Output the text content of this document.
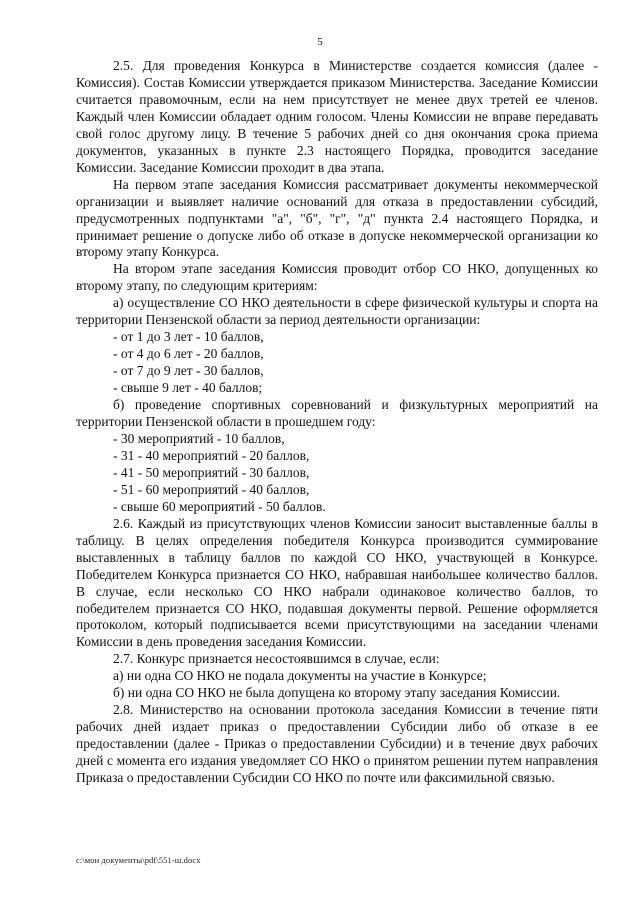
5

2.5. Для проведения Конкурса в Министерстве создается комиссия (далее - Комиссия). Состав Комиссии утверждается приказом Министерства. Заседание Комиссии считается правомочным, если на нем присутствует не менее двух третей ее членов. Каждый член Комиссии обладает одним голосом. Члены Комиссии не вправе передавать свой голос другому лицу. В течение 5 рабочих дней со дня окончания срока приема документов, указанных в пункте 2.3 настоящего Порядка, проводится заседание Комиссии. Заседание Комиссии проходит в два этапа.

На первом этапе заседания Комиссия рассматривает документы некоммерческой организации и выявляет наличие оснований для отказа в предоставлении субсидий, предусмотренных подпунктами "а", "б", "г", "д" пункта 2.4 настоящего Порядка, и принимает решение о допуске либо об отказе в допуске некоммерческой организации ко второму этапу Конкурса.

На втором этапе заседания Комиссия проводит отбор СО НКО, допущенных ко второму этапу, по следующим критериям:

а) осуществление СО НКО деятельности в сфере физической культуры и спорта на территории Пензенской области за период деятельности организации:

- от 1 до 3 лет - 10 баллов,

- от 4 до 6 лет - 20 баллов,

- от 7 до 9 лет - 30 баллов,

- свыше 9 лет - 40 баллов;

б) проведение спортивных соревнований и физкультурных мероприятий на территории Пензенской области в прошедшем году:

- 30 мероприятий - 10 баллов,

- 31 - 40 мероприятий - 20 баллов,

- 41 - 50 мероприятий - 30 баллов,

- 51 - 60 мероприятий - 40 баллов,

- свыше 60 мероприятий - 50 баллов.

2.6. Каждый из присутствующих членов Комиссии заносит выставленные баллы в таблицу. В целях определения победителя Конкурса производится суммирование выставленных в таблицу баллов по каждой СО НКО, участвующей в Конкурсе. Победителем Конкурса признается СО НКО, набравшая наибольшее количество баллов. В случае, если несколько СО НКО набрали одинаковое количество баллов, то победителем признается СО НКО, подавшая документы первой. Решение оформляется протоколом, который подписывается всеми присутствующими на заседании членами Комиссии в день проведения заседания Комиссии.

2.7. Конкурс признается несостоявшимся в случае, если:

а) ни одна СО НКО не подала документы на участие в Конкурсе;

б) ни одна СО НКО не была допущена ко второму этапу заседания Комиссии.

2.8. Министерство на основании протокола заседания Комиссии в течение пяти рабочих дней издает приказ о предоставлении Субсидии либо об отказе в ее предоставлении (далее - Приказ о предоставлении Субсидии) и в течение двух рабочих дней с момента его издания уведомляет СО НКО о принятом решении путем направления Приказа о предоставлении Субсидии СО НКО по почте или факсимильной связью.

c:\мои документы\pdf\551-ш.docx
